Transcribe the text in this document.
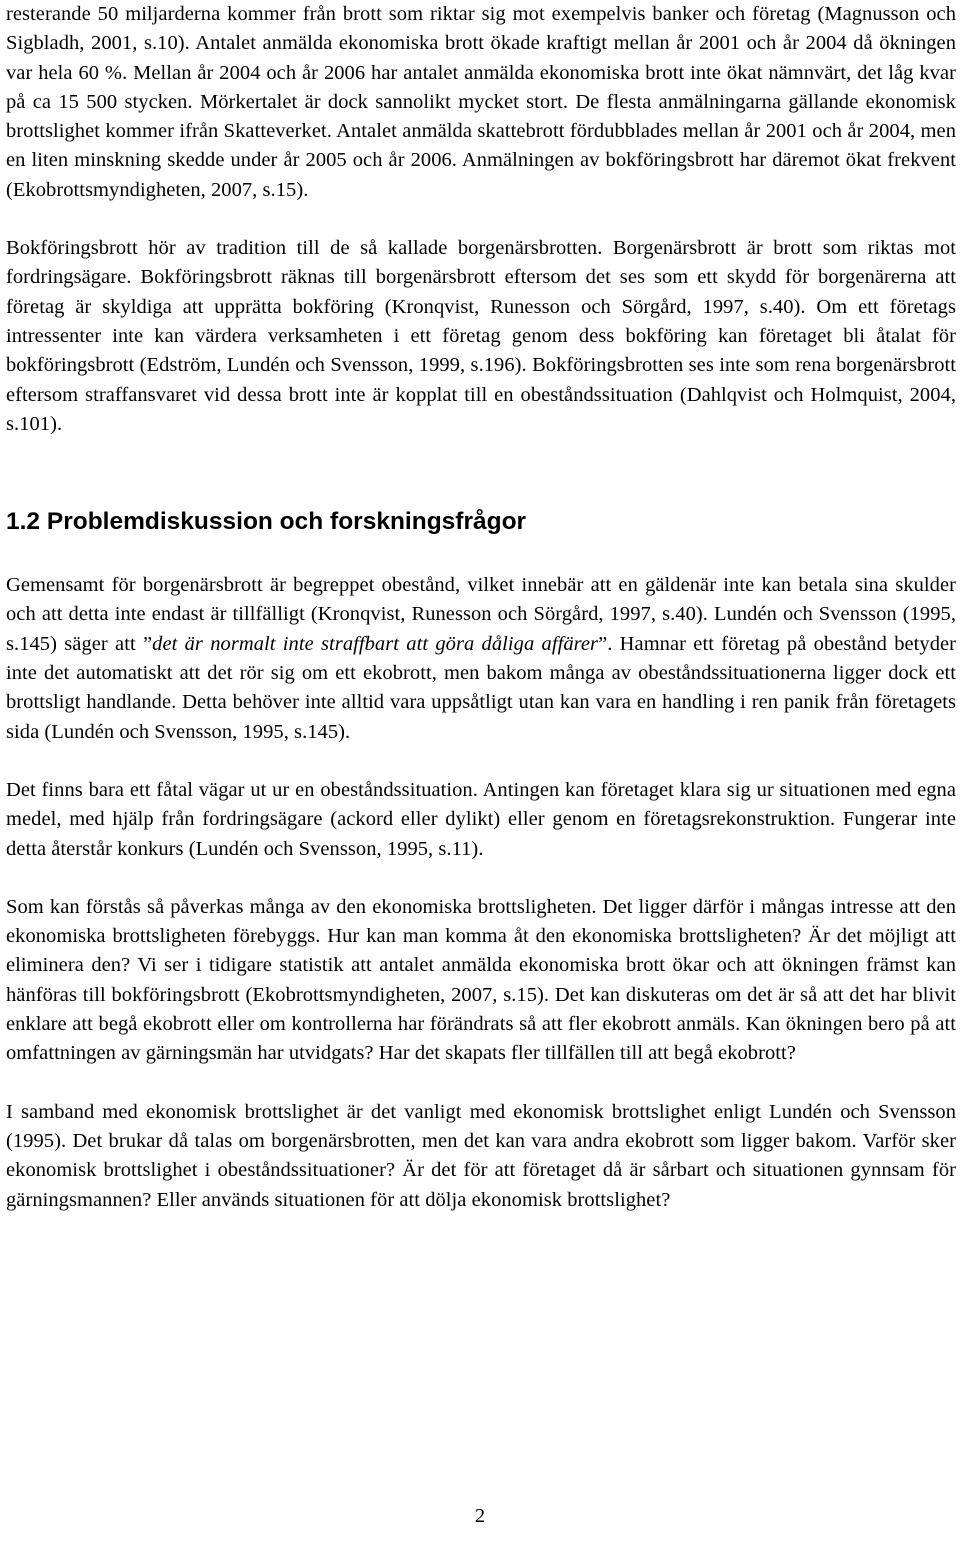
resterande 50 miljarderna kommer från brott som riktar sig mot exempelvis banker och företag (Magnusson och Sigbladh, 2001, s.10). Antalet anmälda ekonomiska brott ökade kraftigt mellan år 2001 och år 2004 då ökningen var hela 60 %. Mellan år 2004 och år 2006 har antalet anmälda ekonomiska brott inte ökat nämnvärt, det låg kvar på ca 15 500 stycken. Mörkertalet är dock sannolikt mycket stort. De flesta anmälningarna gällande ekonomisk brottslighet kommer ifrån Skatteverket. Antalet anmälda skattebrott fördubblades mellan år 2001 och år 2004, men en liten minskning skedde under år 2005 och år 2006. Anmälningen av bokföringsbrott har däremot ökat frekvent (Ekobrottsmyndigheten, 2007, s.15).

Bokföringsbrott hör av tradition till de så kallade borgenärsbrotten. Borgenärsbrott är brott som riktas mot fordringsägare. Bokföringsbrott räknas till borgenärsbrott eftersom det ses som ett skydd för borgenärerna att företag är skyldiga att upprätta bokföring (Kronqvist, Runesson och Sörgård, 1997, s.40). Om ett företags intressenter inte kan värdera verksamheten i ett företag genom dess bokföring kan företaget bli åtalat för bokföringsbrott (Edström, Lundén och Svensson, 1999, s.196). Bokföringsbrotten ses inte som rena borgenärsbrott eftersom straffansvaret vid dessa brott inte är kopplat till en obeståndssituation (Dahlqvist och Holmquist, 2004, s.101).

1.2 Problemdiskussion och forskningsfrågor

Gemensamt för borgenärsbrott är begreppet obestånd, vilket innebär att en gäldenär inte kan betala sina skulder och att detta inte endast är tillfälligt (Kronqvist, Runesson och Sörgård, 1997, s.40). Lundén och Svensson (1995, s.145) säger att ”det är normalt inte straffbart att göra dåliga affärer”. Hamnar ett företag på obestånd betyder inte det automatiskt att det rör sig om ett ekobrott, men bakom många av obeståndssituationerna ligger dock ett brottsligt handlande. Detta behöver inte alltid vara uppsåtligt utan kan vara en handling i ren panik från företagets sida (Lundén och Svensson, 1995, s.145).

Det finns bara ett fåtal vägar ut ur en obeståndssituation. Antingen kan företaget klara sig ur situationen med egna medel, med hjälp från fordringsägare (ackord eller dylikt) eller genom en företagsrekonstruktion. Fungerar inte detta återstår konkurs (Lundén och Svensson, 1995, s.11).

Som kan förstås så påverkas många av den ekonomiska brottsligheten. Det ligger därför i mångas intresse att den ekonomiska brottsligheten förebyggs. Hur kan man komma åt den ekonomiska brottsligheten? Är det möjligt att eliminera den? Vi ser i tidigare statistik att antalet anmälda ekonomiska brott ökar och att ökningen främst kan hänföras till bokföringsbrott (Ekobrottsmyndigheten, 2007, s.15). Det kan diskuteras om det är så att det har blivit enklare att begå ekobrott eller om kontrollerna har förändrats så att fler ekobrott anmäls. Kan ökningen bero på att omfattningen av gärningsmän har utvidgats? Har det skapats fler tillfällen till att begå ekobrott?

I samband med ekonomisk brottslighet är det vanligt med ekonomisk brottslighet enligt Lundén och Svensson (1995). Det brukar då talas om borgenärsbrotten, men det kan vara andra ekobrott som ligger bakom. Varför sker ekonomisk brottslighet i obeståndssituationer? Är det för att företaget då är sårbart och situationen gynnsam för gärningsmannen? Eller används situationen för att dölja ekonomisk brottslighet?

2
